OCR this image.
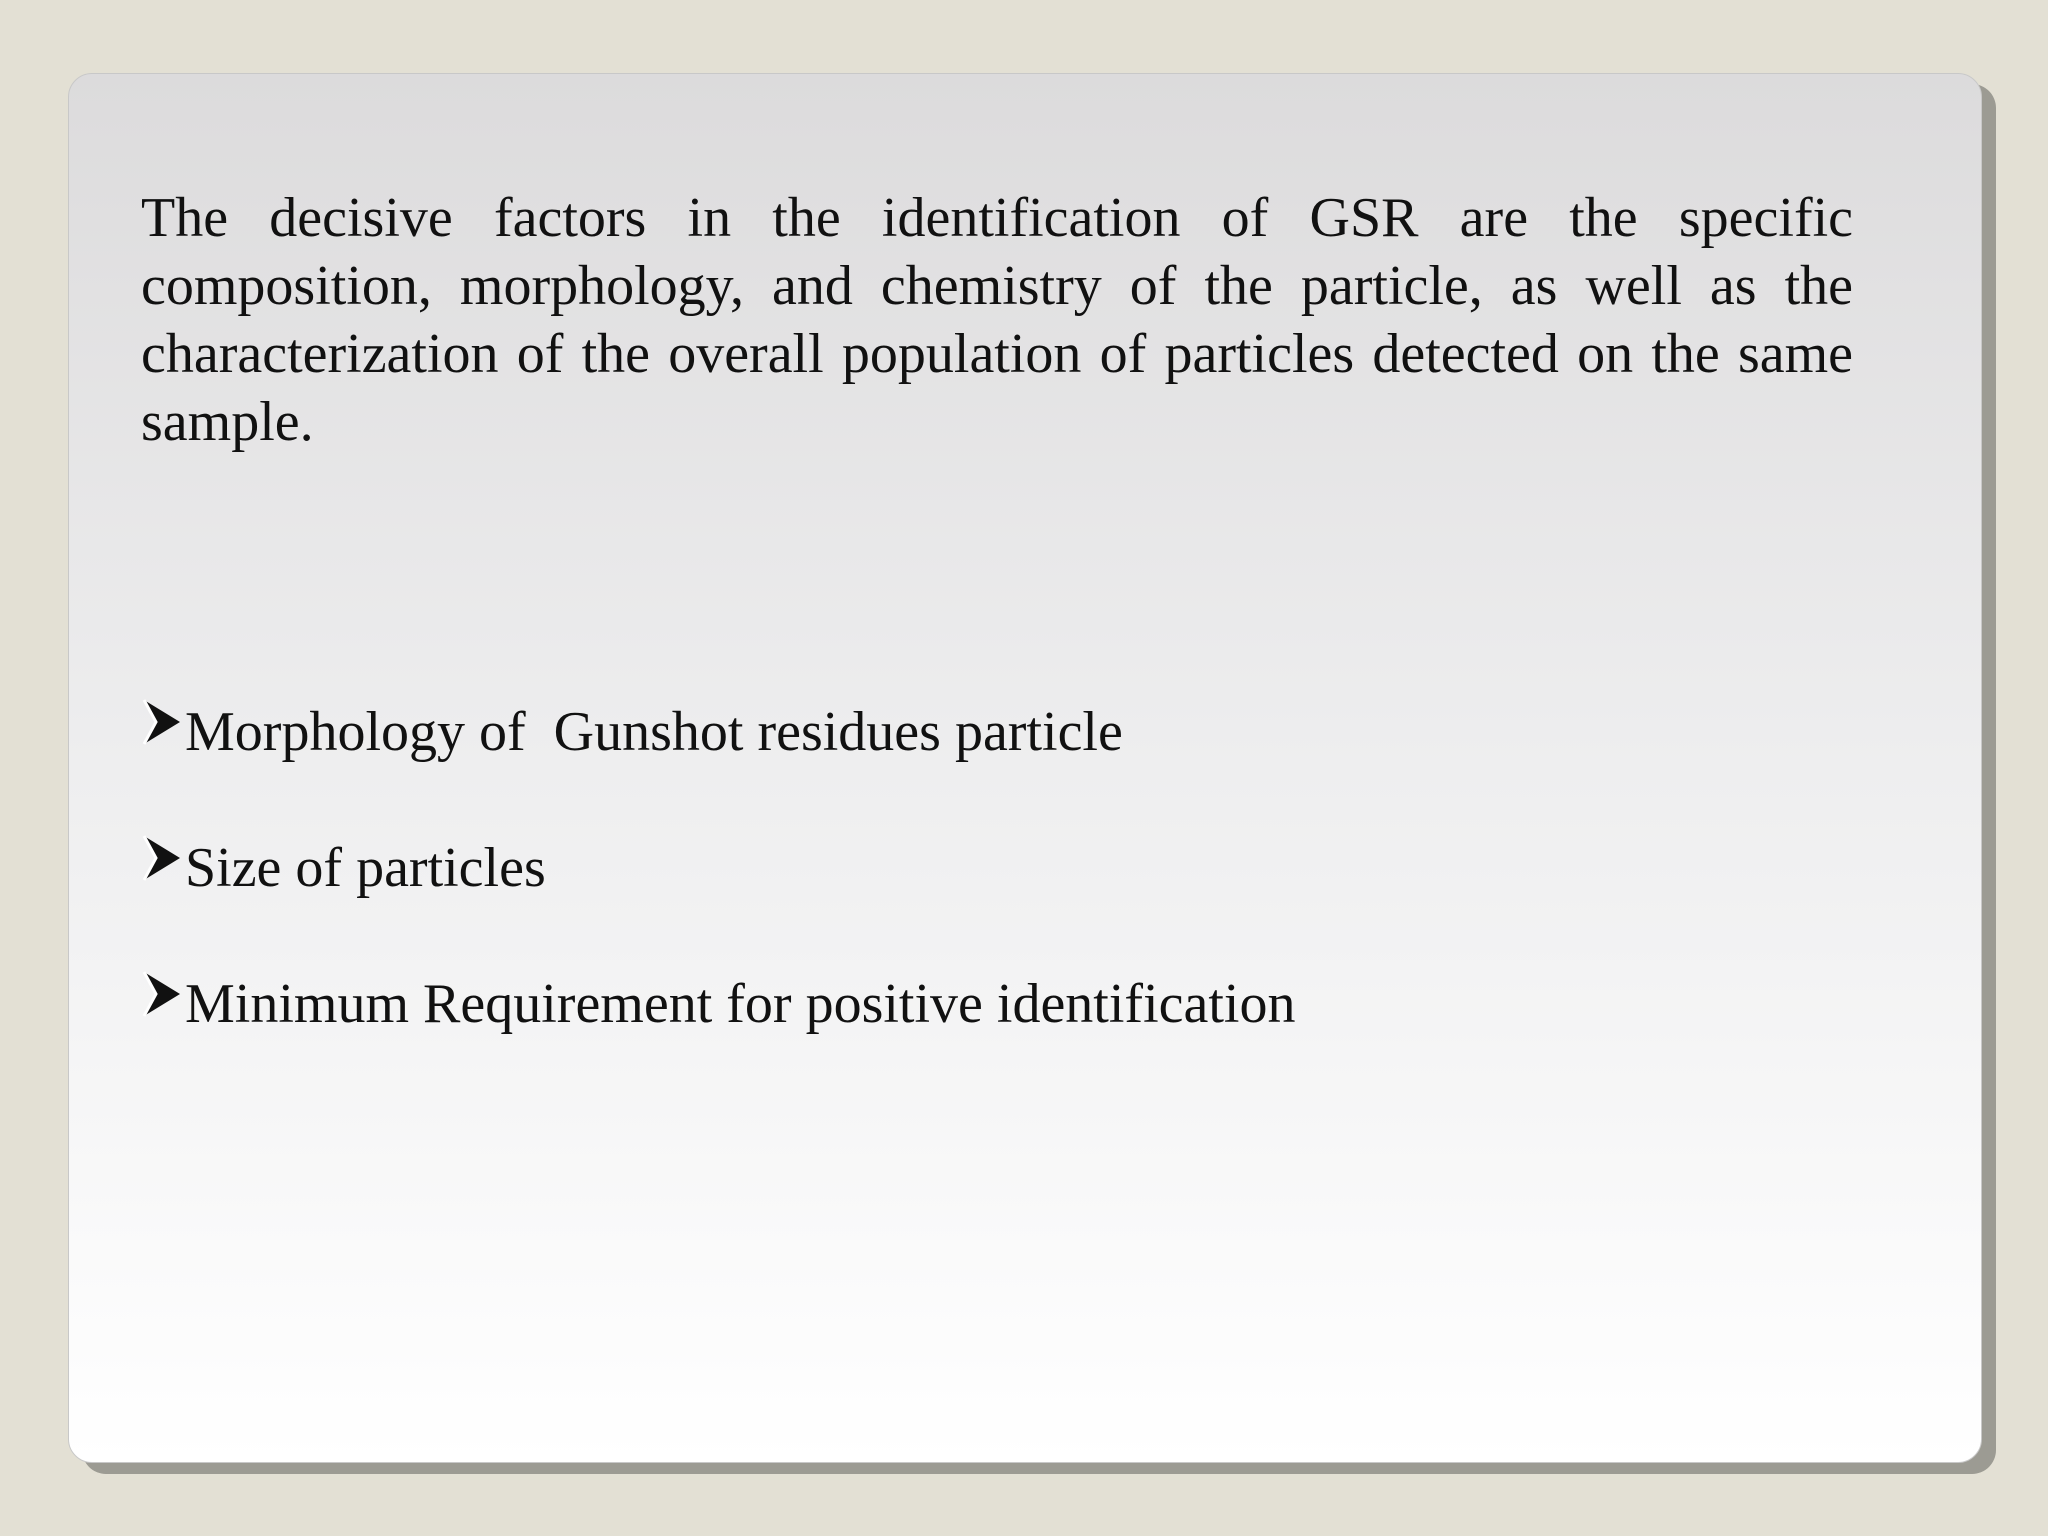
The decisive factors in the identification of GSR are the specific composition, morphology, and chemistry of the particle, as well as the characterization of the overall population of particles detected on the same sample.

Morphology of  Gunshot residues particle
Size of particles
Minimum Requirement for positive identification
